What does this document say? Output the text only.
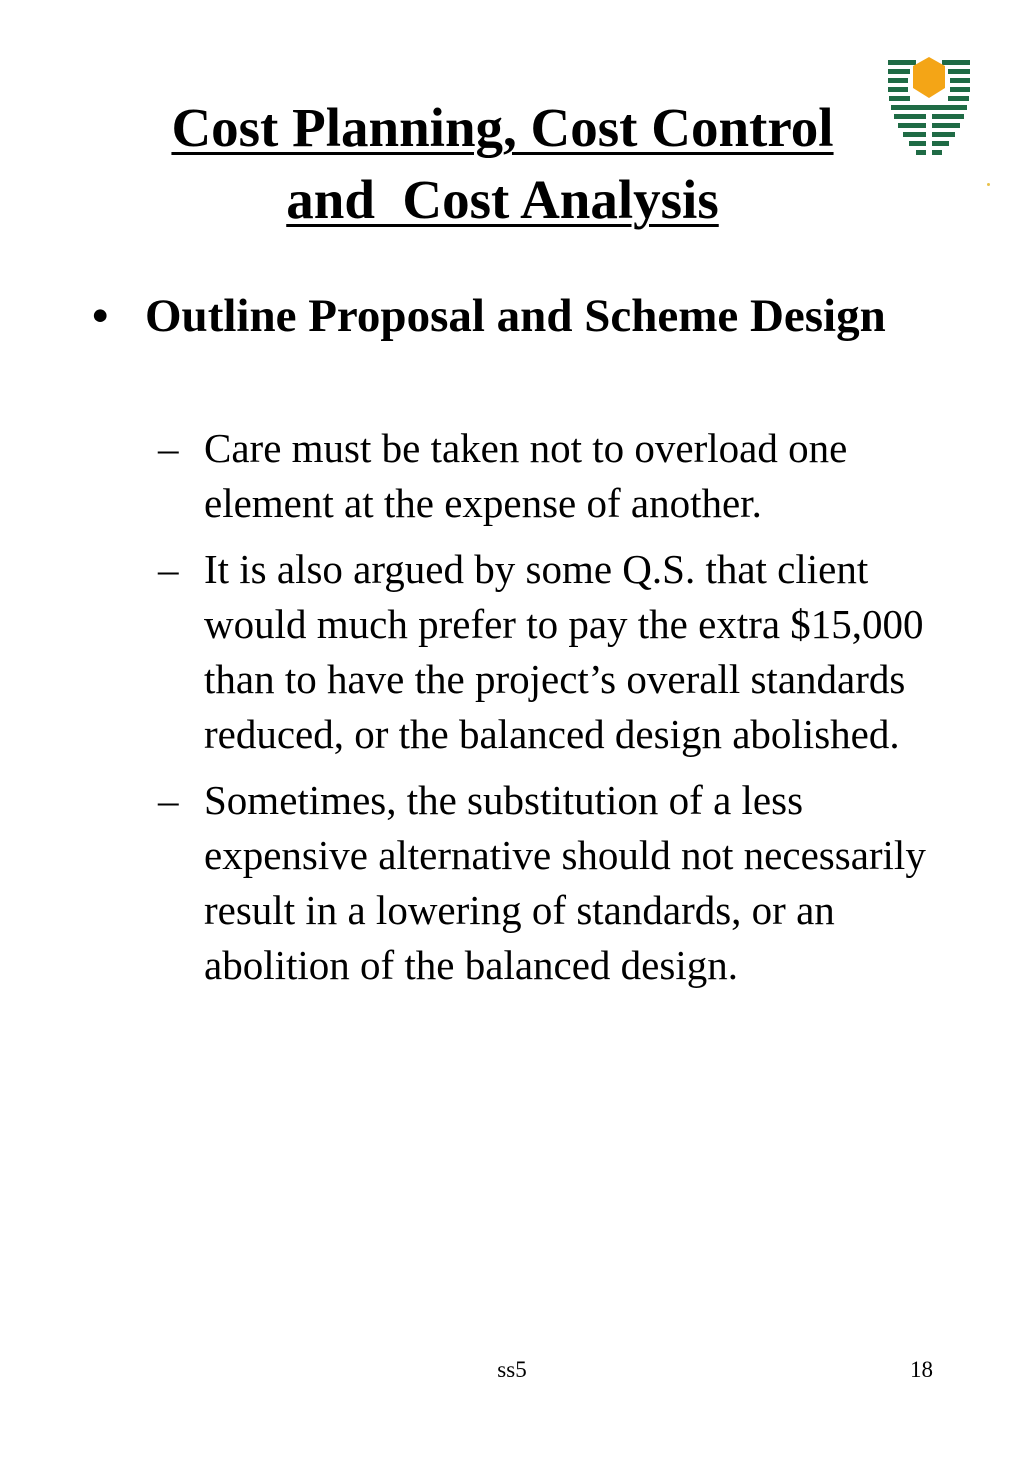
Cost Planning, Cost Control
and  Cost Analysis
• Outline Proposal and Scheme Design
– Care must be taken not to overload one element at the expense of another.
– It is also argued by some Q.S. that client would much prefer to pay the extra $15,000 than to have the project’s overall standards reduced, or the balanced design abolished.
– Sometimes, the substitution of a less expensive alternative should not necessarily result in a lowering of standards, or an abolition of the balanced design.
ss5	18
